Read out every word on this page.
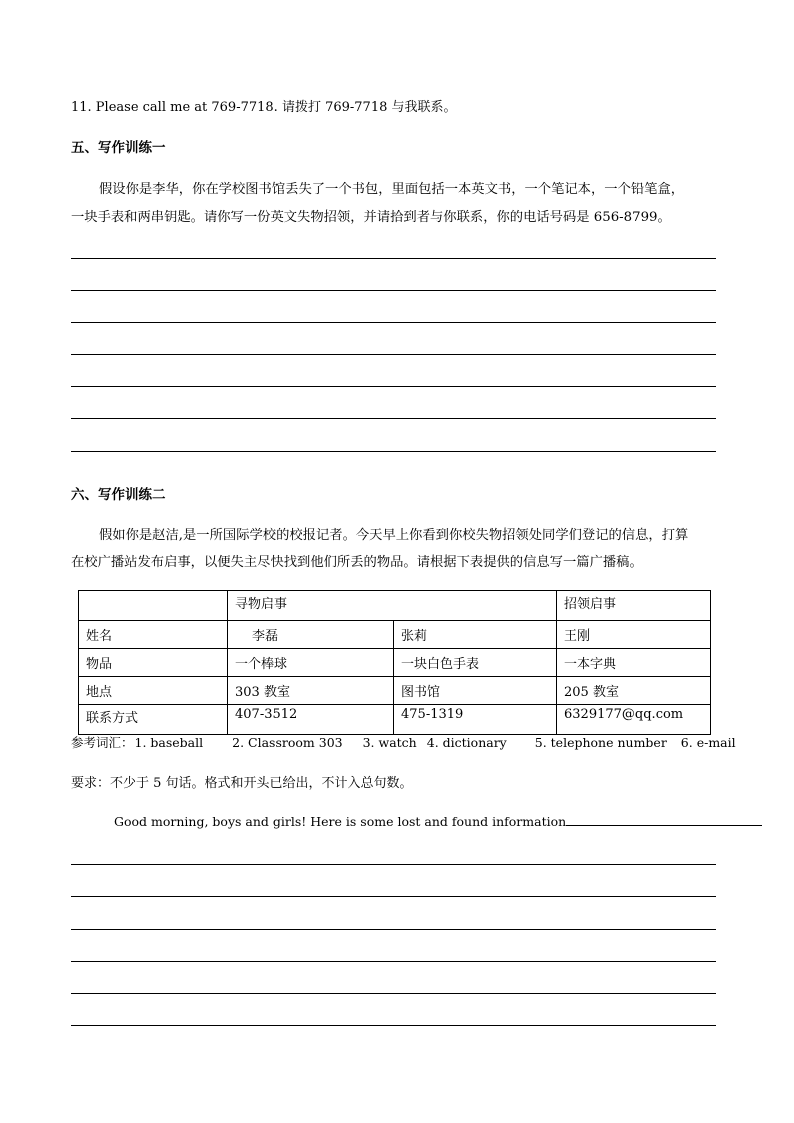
11. Please call me at 769-7718. 请拨打 769-7718 与我联系。
五、写作训练一
假设你是李华，你在学校图书馆丢失了一个书包，里面包括一本英文书，一个笔记本，一个铅笔盒，
一块手表和两串钥匙。请你写一份英文失物招领，并请拾到者与你联系，你的电话号码是 656-8799。
六、写作训练二
假如你是赵洁,是一所国际学校的校报记者。今天早上你看到你校失物招领处同学们登记的信息，打算
在校广播站发布启事，以便失主尽快找到他们所丢的物品。请根据下表提供的信息写一篇广播稿。
	寻物启事		招领启事
姓名	李磊	张莉	王刚
物品	一个棒球	一块白色手表	一本字典
地点	303 教室	图书馆	205 教室
联系方式	407-3512	475-1319	6329177@qq.com
参考词汇：1. baseball 2. Classroom 303 3. watch 4. dictionary 5. telephone number 6. e-mail
要求：不少于 5 句话。格式和开头已给出，不计入总句数。
Good morning, boys and girls! Here is some lost and found information
